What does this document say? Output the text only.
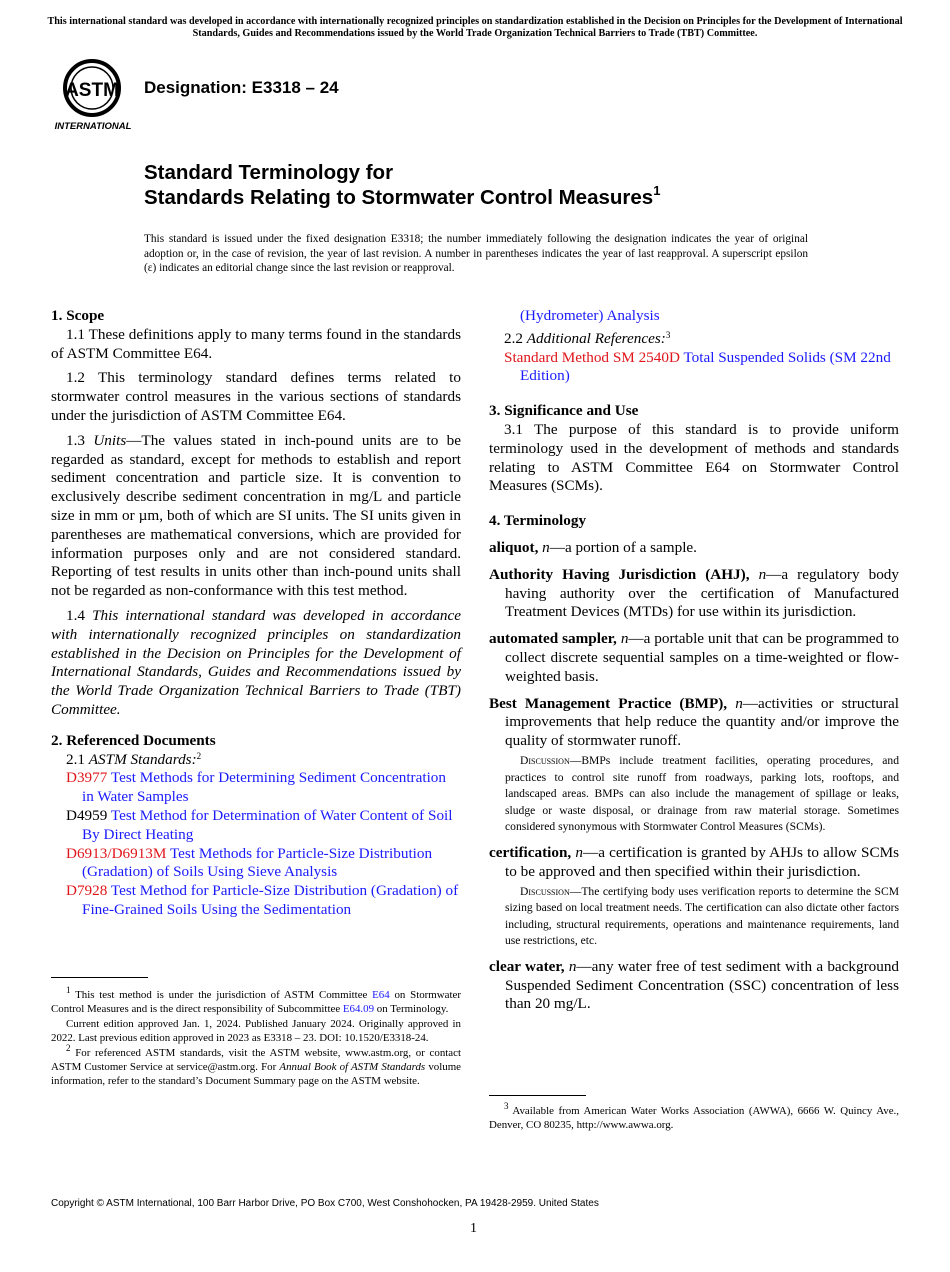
This international standard was developed in accordance with internationally recognized principles on standardization established in the Decision on Principles for the Development of International Standards, Guides and Recommendations issued by the World Trade Organization Technical Barriers to Trade (TBT) Committee.
ASTM
INTERNATIONAL
Designation: E3318 – 24
Standard Terminology for
Standards Relating to Stormwater Control Measures$^1$
This standard is issued under the fixed designation E3318; the number immediately following the designation indicates the year of original adoption or, in the case of revision, the year of last revision. A number in parentheses indicates the year of last reapproval. A superscript epsilon (ε) indicates an editorial change since the last revision or reapproval.

1. Scope

1.1 These definitions apply to many terms found in the standards of ASTM Committee E64.

1.2 This terminology standard defines terms related to stormwater control measures in the various sections of standards under the jurisdiction of ASTM Committee E64.

1.3 Units—The values stated in inch-pound units are to be regarded as standard, except for methods to establish and report sediment concentration and particle size. It is convention to exclusively describe sediment concentration in mg/L and particle size in mm or µm, both of which are SI units. The SI units given in parentheses are mathematical conversions, which are provided for information purposes only and are not considered standard. Reporting of test results in units other than inch-pound units shall not be regarded as non-conformance with this test method.

1.4 This international standard was developed in accordance with internationally recognized principles on standardization established in the Decision on Principles for the Development of International Standards, Guides and Recommendations issued by the World Trade Organization Technical Barriers to Trade (TBT) Committee.

2. Referenced Documents

2.1 ASTM Standards:$^2$

D3977 Test Methods for Determining Sediment Concentration in Water Samples

D4959 Test Method for Determination of Water Content of Soil By Direct Heating

D6913/D6913M Test Methods for Particle-Size Distribution (Gradation) of Soils Using Sieve Analysis

D7928 Test Method for Particle-Size Distribution (Gradation) of Fine-Grained Soils Using the Sedimentation

$^1$ This test method is under the jurisdiction of ASTM Committee E64 on Stormwater Control Measures and is the direct responsibility of Subcommittee E64.09 on Terminology.

Current edition approved Jan. 1, 2024. Published January 2024. Originally approved in 2022. Last previous edition approved in 2023 as E3318 – 23. DOI: 10.1520/E3318-24.

$^2$ For referenced ASTM standards, visit the ASTM website, www.astm.org, or contact ASTM Customer Service at service@astm.org. For Annual Book of ASTM Standards volume information, refer to the standard’s Document Summary page on the ASTM website.

(Hydrometer) Analysis

2.2 Additional References:$^3$

Standard Method SM 2540D Total Suspended Solids (SM 22nd Edition)

3. Significance and Use

3.1 The purpose of this standard is to provide uniform terminology used in the development of methods and standards relating to ASTM Committee E64 on Stormwater Control Measures (SCMs).

4. Terminology

aliquot, n—a portion of a sample.

Authority Having Jurisdiction (AHJ), n—a regulatory body having authority over the certification of Manufactured Treatment Devices (MTDs) for use within its jurisdiction.

automated sampler, n—a portable unit that can be programmed to collect discrete sequential samples on a time-weighted or flow-weighted basis.

Best Management Practice (BMP), n—activities or structural improvements that help reduce the quantity and/or improve the quality of stormwater runoff.

Discussion—BMPs include treatment facilities, operating procedures, and practices to control site runoff from roadways, parking lots, rooftops, and landscaped areas. BMPs can also include the management of spillage or leaks, sludge or waste disposal, or drainage from raw material storage. Sometimes considered synonymous with Stormwater Control Measures (SCMs).

certification, n—a certification is granted by AHJs to allow SCMs to be approved and then specified within their jurisdiction.

Discussion—The certifying body uses verification reports to determine the SCM sizing based on local treatment needs. The certification can also dictate other factors including, structural requirements, operations and maintenance requirements, land use restrictions, etc.

clear water, n—any water free of test sediment with a background Suspended Sediment Concentration (SSC) concentration of less than 20 mg/L.

$^3$ Available from American Water Works Association (AWWA), 6666 W. Quincy Ave., Denver, CO 80235, http://www.awwa.org.

Copyright © ASTM International, 100 Barr Harbor Drive, PO Box C700, West Conshohocken, PA 19428-2959. United States
1
